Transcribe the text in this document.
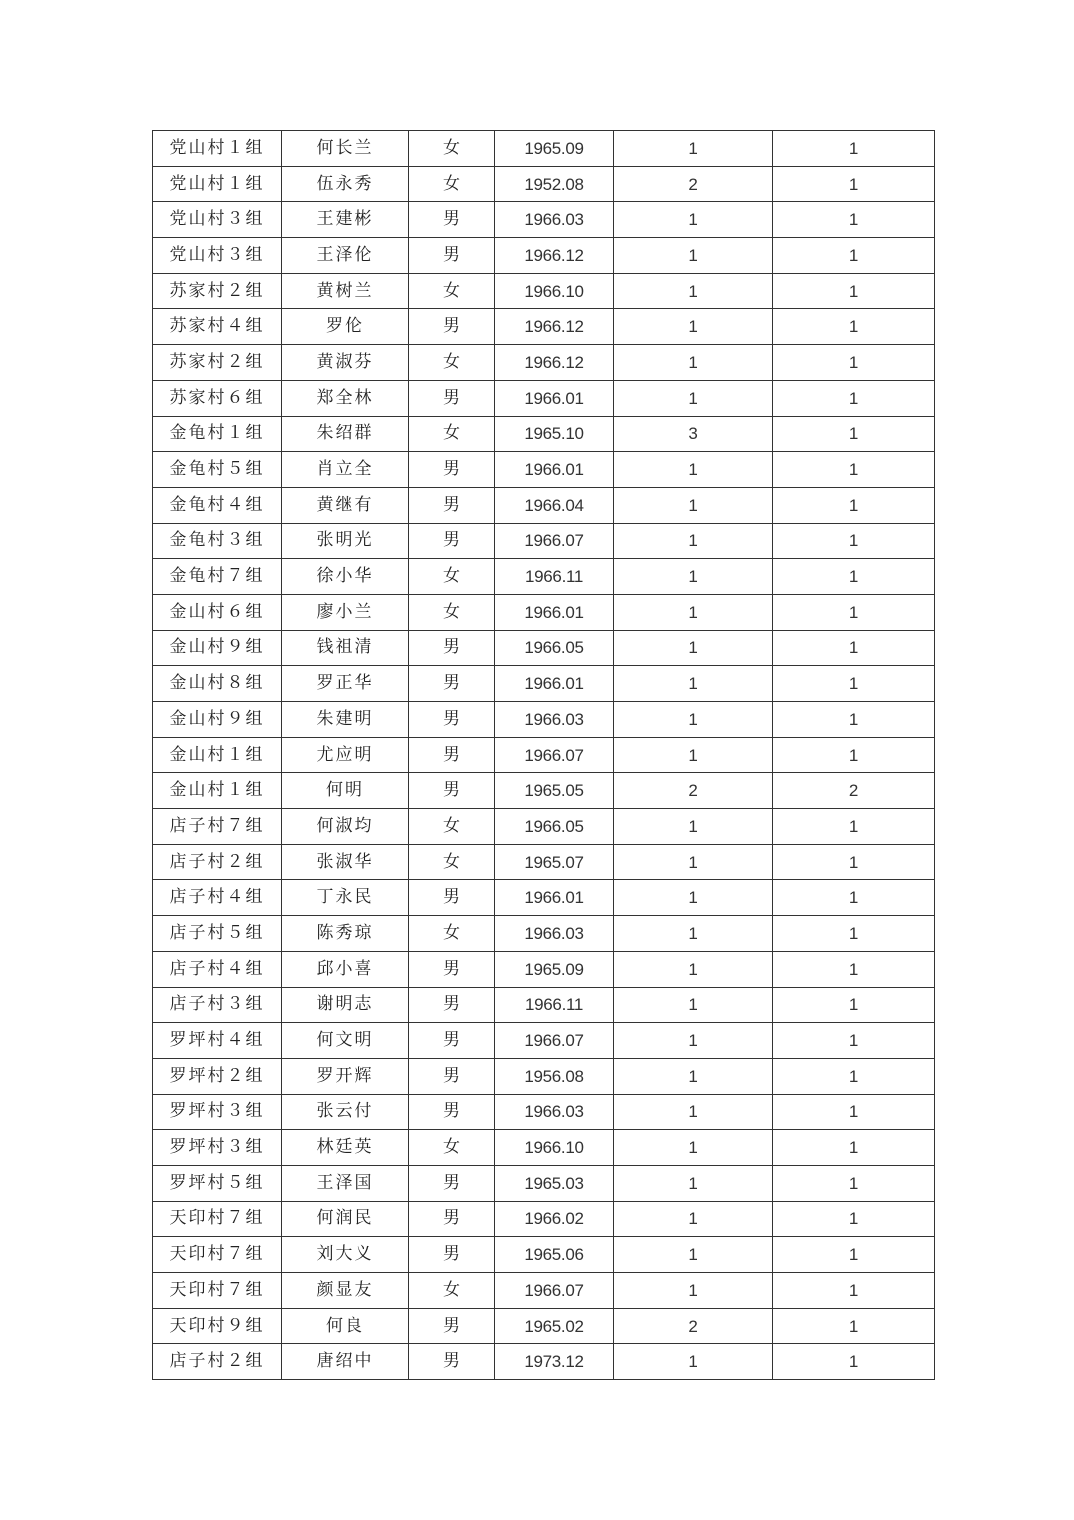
党山村１组	何长兰	女	1965.09	1	1
党山村１组	伍永秀	女	1952.08	2	1
党山村３组	王建彬	男	1966.03	1	1
党山村３组	王泽伦	男	1966.12	1	1
苏家村２组	黄树兰	女	1966.10	1	1
苏家村４组	罗伦	男	1966.12	1	1
苏家村２组	黄淑芬	女	1966.12	1	1
苏家村６组	郑全林	男	1966.01	1	1
金龟村１组	朱绍群	女	1965.10	3	1
金龟村５组	肖立全	男	1966.01	1	1
金龟村４组	黄继有	男	1966.04	1	1
金龟村３组	张明光	男	1966.07	1	1
金龟村７组	徐小华	女	1966.11	1	1
金山村６组	廖小兰	女	1966.01	1	1
金山村９组	钱祖清	男	1966.05	1	1
金山村８组	罗正华	男	1966.01	1	1
金山村９组	朱建明	男	1966.03	1	1
金山村１组	尤应明	男	1966.07	1	1
金山村１组	何明	男	1965.05	2	2
店子村７组	何淑均	女	1966.05	1	1
店子村２组	张淑华	女	1965.07	1	1
店子村４组	丁永民	男	1966.01	1	1
店子村５组	陈秀琼	女	1966.03	1	1
店子村４组	邱小喜	男	1965.09	1	1
店子村３组	谢明志	男	1966.11	1	1
罗坪村４组	何文明	男	1966.07	1	1
罗坪村２组	罗开辉	男	1956.08	1	1
罗坪村３组	张云付	男	1966.03	1	1
罗坪村３组	林廷英	女	1966.10	1	1
罗坪村５组	王泽国	男	1965.03	1	1
天印村７组	何润民	男	1966.02	1	1
天印村７组	刘大义	男	1965.06	1	1
天印村７组	颜显友	女	1966.07	1	1
天印村９组	何良	男	1965.02	2	1
店子村２组	唐绍中	男	1973.12	1	1
